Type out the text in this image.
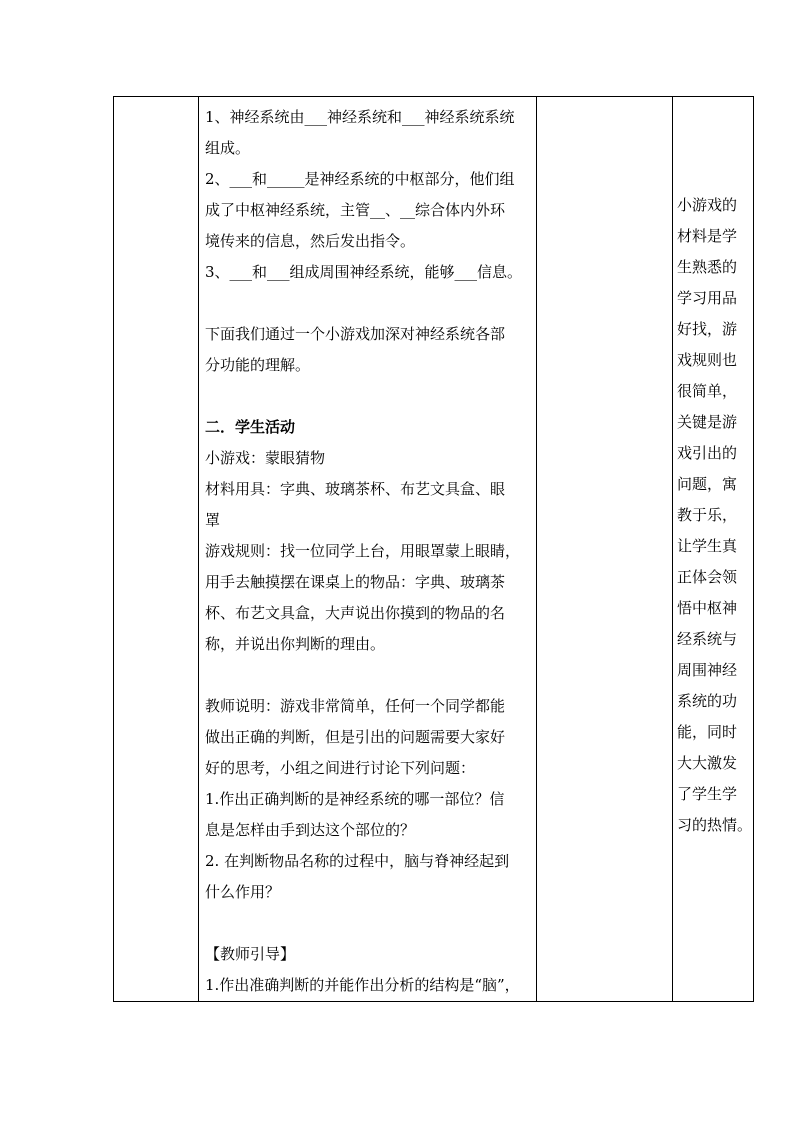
1、神经系统由___神经系统和___神经系统系统
组成。
2、___和_____是神经系统的中枢部分，他们组
成了中枢神经系统，主管__、__综合体内外环
境传来的信息，然后发出指令。
3、___和___组成周围神经系统，能够___信息。
下面我们通过一个小游戏加深对神经系统各部
分功能的理解。
二．学生活动
小游戏：蒙眼猜物
材料用具：字典、玻璃茶杯、布艺文具盒、眼
罩
游戏规则：找一位同学上台，用眼罩蒙上眼睛，
用手去触摸摆在课桌上的物品：字典、玻璃茶
杯、布艺文具盒，大声说出你摸到的物品的名
称，并说出你判断的理由。
教师说明：游戏非常简单，任何一个同学都能
做出正确的判断，但是引出的问题需要大家好
好的思考，小组之间进行讨论下列问题：
1.作出正确判断的是神经系统的哪一部位？信
息是怎样由手到达这个部位的？
2. 在判断物品名称的过程中，脑与脊神经起到
什么作用？
【教师引导】
1.作出准确判断的并能作出分析的结构是“脑”，

小游戏的
材料是学
生熟悉的
学习用品
好找，游
戏规则也
很简单，
关键是游
戏引出的
问题，寓
教于乐，
让学生真
正体会领
悟中枢神
经系统与
周围神经
系统的功
能，同时
大大激发
了学生学
习的热情。
